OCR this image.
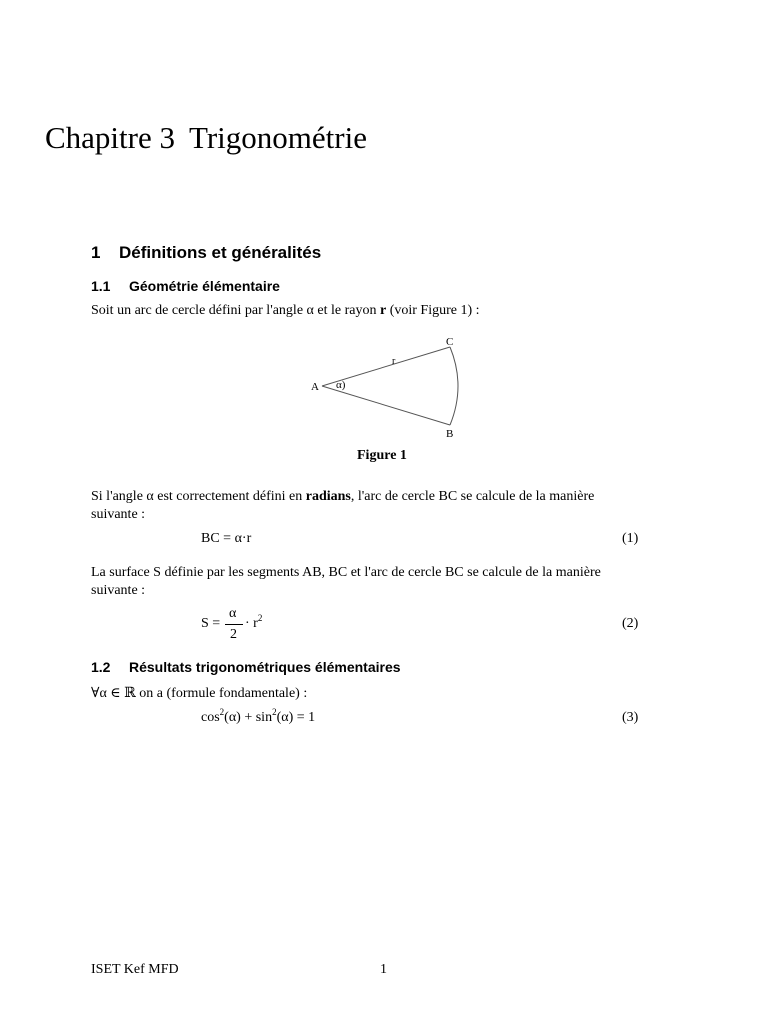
Chapitre 3 Trigonométrie
1 Définitions et généralités
1.1 Géométrie élémentaire
Soit un arc de cercle défini par l'angle α et le rayon r (voir Figure 1) :
A
C
B
r
α)
Figure 1
Si l'angle α est correctement défini en radians, l'arc de cercle BC se calcule de la manière
suivante :
BC = α·r	(1)
La surface S définie par les segments AB, BC et l'arc de cercle BC se calcule de la manière
suivante :
S =
α
2
· $r^2$	(2)
1.2 Résultats trigonométriques élémentaires
∀α ∈ ℝ on a (formule fondamentale) :
$\cos^2(\alpha) + \sin^2(\alpha) = 1$	(3)
ISET Kef MFD	1
